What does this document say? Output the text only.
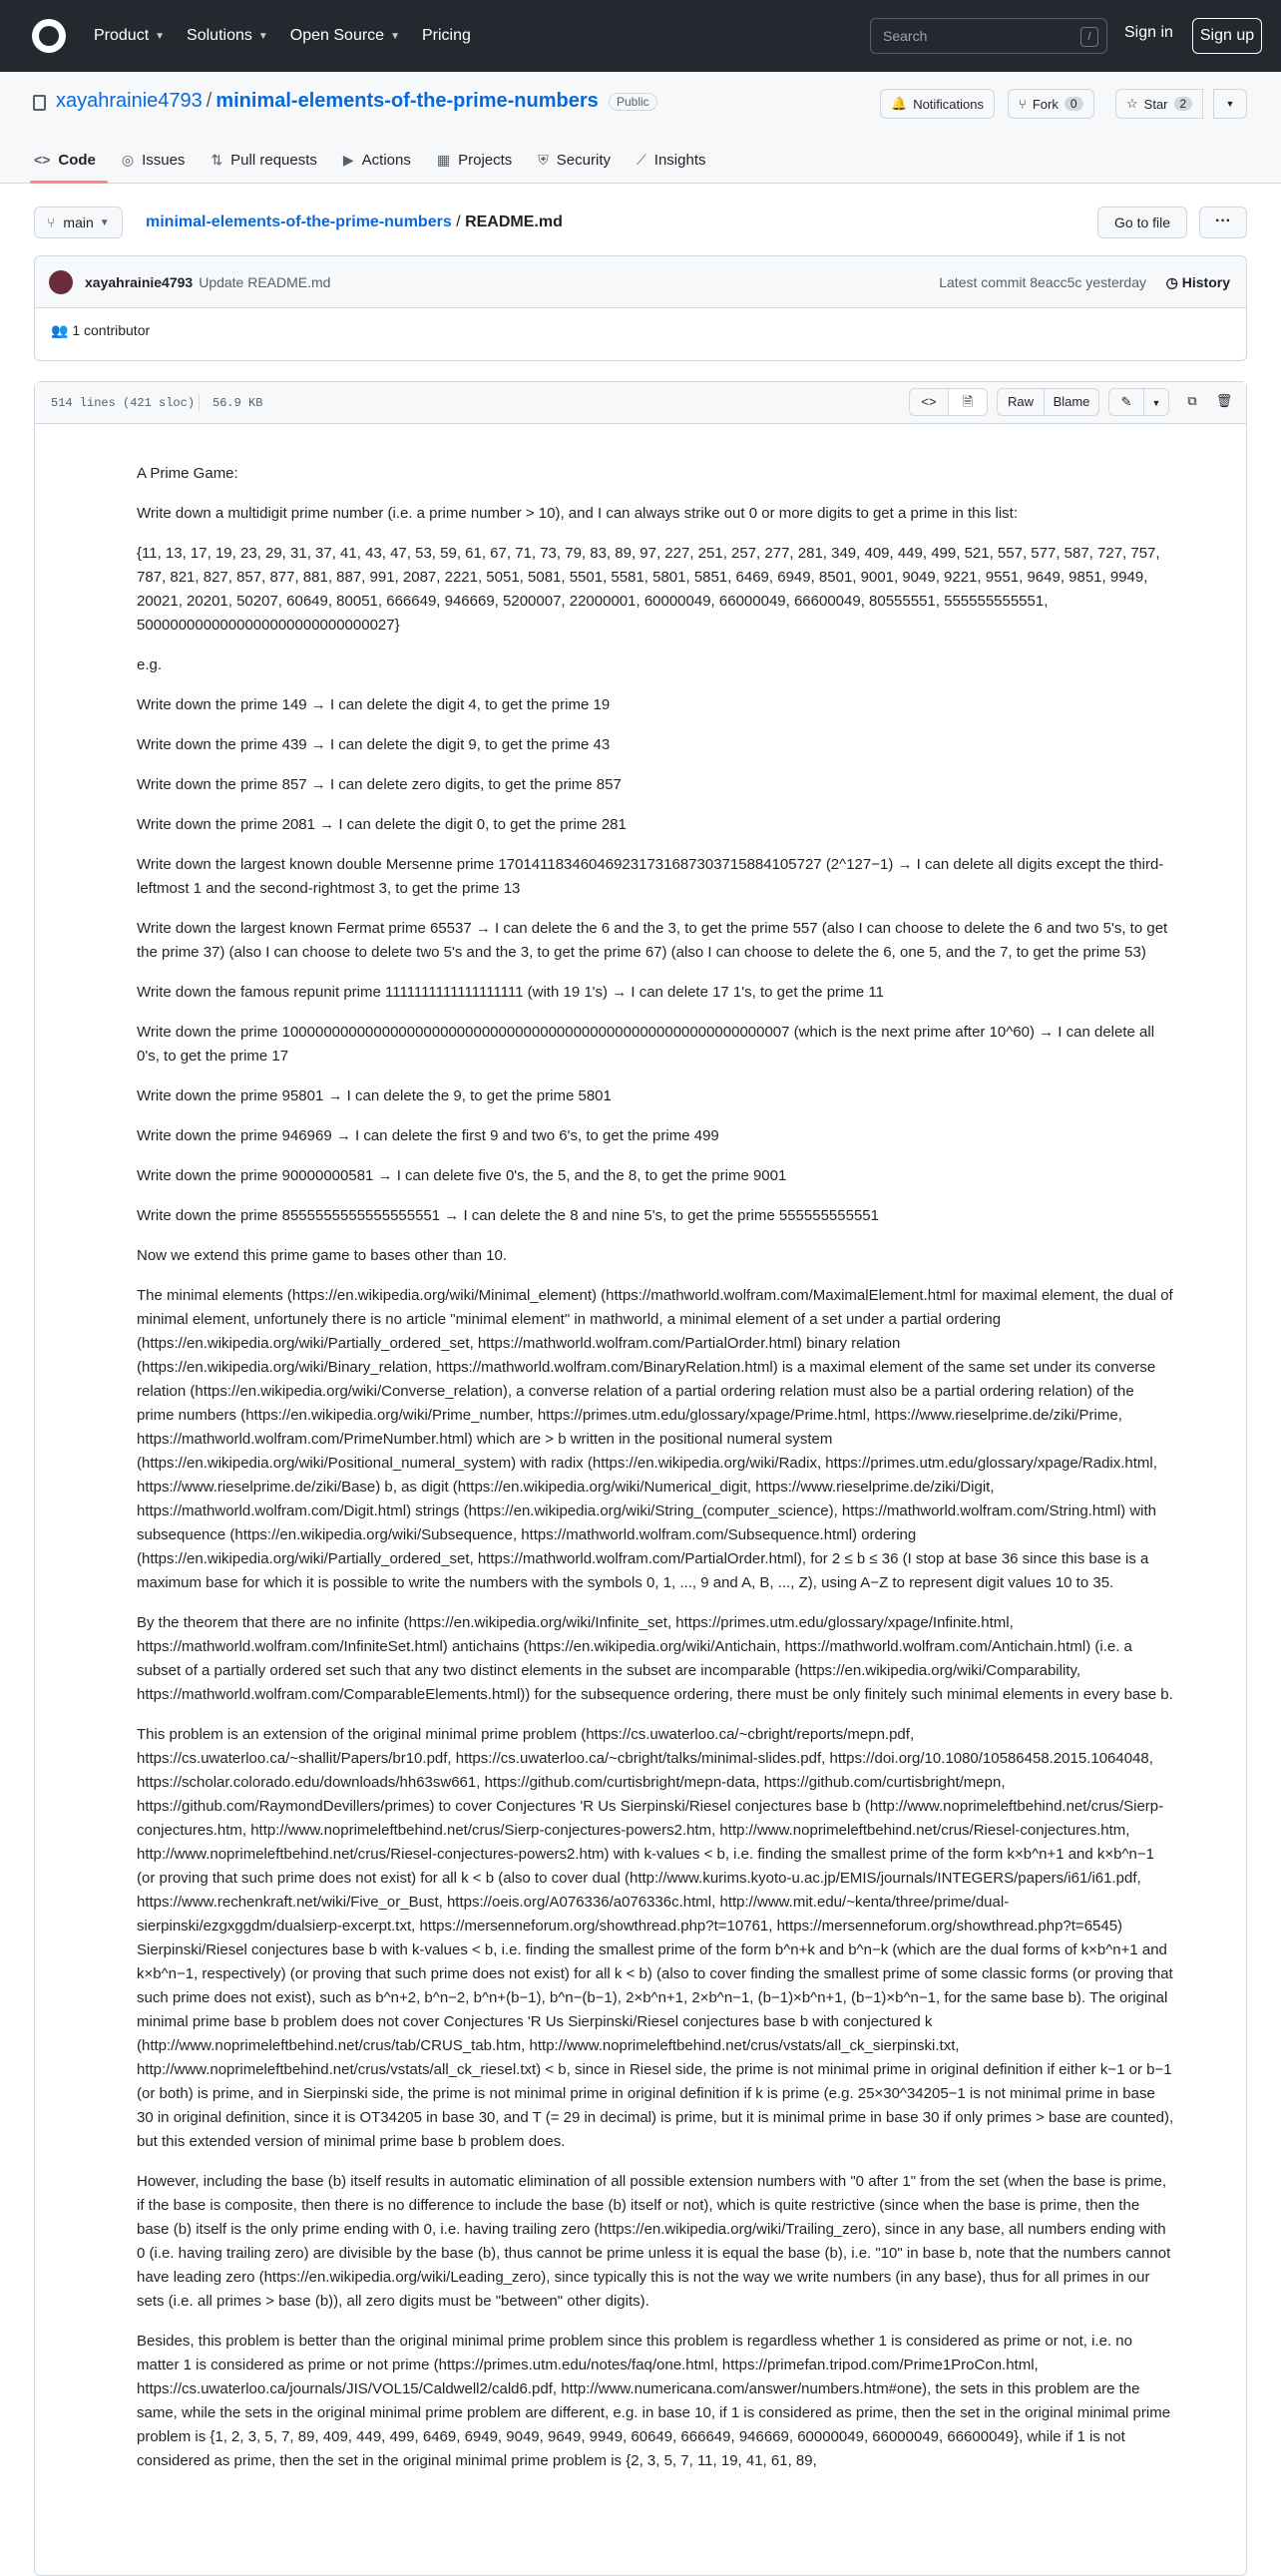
Product ▼ Solutions ▼ Open Source ▼ Pricing	Search	/	Sign in	Sign up
xayahrainie4793 / minimal-elements-of-the-prime-numbers	Public	🔔 Notifications	⑂ Fork	0	☆ Star	2	▼
<> Code ◎ Issues ⇅ Pull requests ▶ Actions ▦ Projects ⛨ Security ⟋ Insights
⑂ main ▼ minimal-elements-of-the-prime-numbers / README.md	Go to file	···
xayahrainie4793 Update README.md	Latest commit 8eacc5c yesterday ◷ History
👥 1 contributor
514 lines (421 sloc) 56.9 KB	<>	🗎	Raw	Blame	✎	▼	⧉	🗑

A Prime Game:

Write down a multidigit prime number (i.e. a prime number > 10), and I can always strike out 0 or more digits to get a prime in this list:

{11, 13, 17, 19, 23, 29, 31, 37, 41, 43, 47, 53, 59, 61, 67, 71, 73, 79, 83, 89, 97, 227, 251, 257, 277, 281, 349, 409, 449, 499, 521, 557, 577, 587, 727, 757, 787, 821, 827, 857, 877, 881, 887, 991, 2087, 2221, 5051, 5081, 5501, 5581, 5801, 5851, 6469, 6949, 8501, 9001, 9049, 9221, 9551, 9649, 9851, 9949, 20021, 20201, 50207, 60649, 80051, 666649, 946669, 5200007, 22000001, 60000049, 66000049, 66600049, 80555551, 555555555551, 5000000000000000000000000000027}

e.g.

Write down the prime 149 → I can delete the digit 4, to get the prime 19

Write down the prime 439 → I can delete the digit 9, to get the prime 43

Write down the prime 857 → I can delete zero digits, to get the prime 857

Write down the prime 2081 → I can delete the digit 0, to get the prime 281

Write down the largest known double Mersenne prime 170141183460469231731687303715884105727 (2^127−1) → I can delete all digits except the third-leftmost 1 and the second-rightmost 3, to get the prime 13

Write down the largest known Fermat prime 65537 → I can delete the 6 and the 3, to get the prime 557 (also I can choose to delete the 6 and two 5's, to get the prime 37) (also I can choose to delete two 5's and the 3, to get the prime 67) (also I can choose to delete the 6, one 5, and the 7, to get the prime 53)

Write down the famous repunit prime 1111111111111111111 (with 19 1's) → I can delete 17 1's, to get the prime 11

Write down the prime 1000000000000000000000000000000000000000000000000000000000007 (which is the next prime after 10^60) → I can delete all 0's, to get the prime 17

Write down the prime 95801 → I can delete the 9, to get the prime 5801

Write down the prime 946969 → I can delete the first 9 and two 6's, to get the prime 499

Write down the prime 90000000581 → I can delete five 0's, the 5, and the 8, to get the prime 9001

Write down the prime 8555555555555555551 → I can delete the 8 and nine 5's, to get the prime 555555555551

Now we extend this prime game to bases other than 10.

The minimal elements (https://en.wikipedia.org/wiki/Minimal_element) (https://mathworld.wolfram.com/MaximalElement.html for maximal element, the dual of minimal element, unfortunely there is no article "minimal element" in mathworld, a minimal element of a set under a partial ordering (https://en.wikipedia.org/wiki/Partially_ordered_set, https://mathworld.wolfram.com/PartialOrder.html) binary relation (https://en.wikipedia.org/wiki/Binary_relation, https://mathworld.wolfram.com/BinaryRelation.html) is a maximal element of the same set under its converse relation (https://en.wikipedia.org/wiki/Converse_relation), a converse relation of a partial ordering relation must also be a partial ordering relation) of the prime numbers (https://en.wikipedia.org/wiki/Prime_number, https://primes.utm.edu/glossary/xpage/Prime.html, https://www.rieselprime.de/ziki/Prime, https://mathworld.wolfram.com/PrimeNumber.html) which are > b written in the positional numeral system (https://en.wikipedia.org/wiki/Positional_numeral_system) with radix (https://en.wikipedia.org/wiki/Radix, https://primes.utm.edu/glossary/xpage/Radix.html, https://www.rieselprime.de/ziki/Base) b, as digit (https://en.wikipedia.org/wiki/Numerical_digit, https://www.rieselprime.de/ziki/Digit, https://mathworld.wolfram.com/Digit.html) strings (https://en.wikipedia.org/wiki/String_(computer_science), https://mathworld.wolfram.com/String.html) with subsequence (https://en.wikipedia.org/wiki/Subsequence, https://mathworld.wolfram.com/Subsequence.html) ordering (https://en.wikipedia.org/wiki/Partially_ordered_set, https://mathworld.wolfram.com/PartialOrder.html), for 2 ≤ b ≤ 36 (I stop at base 36 since this base is a maximum base for which it is possible to write the numbers with the symbols 0, 1, ..., 9 and A, B, ..., Z), using A−Z to represent digit values 10 to 35.

By the theorem that there are no infinite (https://en.wikipedia.org/wiki/Infinite_set, https://primes.utm.edu/glossary/xpage/Infinite.html, https://mathworld.wolfram.com/InfiniteSet.html) antichains (https://en.wikipedia.org/wiki/Antichain, https://mathworld.wolfram.com/Antichain.html) (i.e. a subset of a partially ordered set such that any two distinct elements in the subset are incomparable (https://en.wikipedia.org/wiki/Comparability, https://mathworld.wolfram.com/ComparableElements.html)) for the subsequence ordering, there must be only finitely such minimal elements in every base b.

This problem is an extension of the original minimal prime problem (https://cs.uwaterloo.ca/~cbright/reports/mepn.pdf, https://cs.uwaterloo.ca/~shallit/Papers/br10.pdf, https://cs.uwaterloo.ca/~cbright/talks/minimal-slides.pdf, https://doi.org/10.1080/10586458.2015.1064048, https://scholar.colorado.edu/downloads/hh63sw661, https://github.com/curtisbright/mepn-data, https://github.com/curtisbright/mepn, https://github.com/RaymondDevillers/primes) to cover Conjectures 'R Us Sierpinski/Riesel conjectures base b (http://www.noprimeleftbehind.net/crus/Sierp-conjectures.htm, http://www.noprimeleftbehind.net/crus/Sierp-conjectures-powers2.htm, http://www.noprimeleftbehind.net/crus/Riesel-conjectures.htm, http://www.noprimeleftbehind.net/crus/Riesel-conjectures-powers2.htm) with k-values < b, i.e. finding the smallest prime of the form k×b^n+1 and k×b^n−1 (or proving that such prime does not exist) for all k < b (also to cover dual (http://www.kurims.kyoto-u.ac.jp/EMIS/journals/INTEGERS/papers/i61/i61.pdf, https://www.rechenkraft.net/wiki/Five_or_Bust, https://oeis.org/A076336/a076336c.html, http://www.mit.edu/~kenta/three/prime/dual-sierpinski/ezgxggdm/dualsierp-excerpt.txt, https://mersenneforum.org/showthread.php?t=10761, https://mersenneforum.org/showthread.php?t=6545) Sierpinski/Riesel conjectures base b with k-values < b, i.e. finding the smallest prime of the form b^n+k and b^n−k (which are the dual forms of k×b^n+1 and k×b^n−1, respectively) (or proving that such prime does not exist) for all k < b) (also to cover finding the smallest prime of some classic forms (or proving that such prime does not exist), such as b^n+2, b^n−2, b^n+(b−1), b^n−(b−1), 2×b^n+1, 2×b^n−1, (b−1)×b^n+1, (b−1)×b^n−1, for the same base b). The original minimal prime base b problem does not cover Conjectures 'R Us Sierpinski/Riesel conjectures base b with conjectured k (http://www.noprimeleftbehind.net/crus/tab/CRUS_tab.htm, http://www.noprimeleftbehind.net/crus/vstats/all_ck_sierpinski.txt, http://www.noprimeleftbehind.net/crus/vstats/all_ck_riesel.txt) < b, since in Riesel side, the prime is not minimal prime in original definition if either k−1 or b−1 (or both) is prime, and in Sierpinski side, the prime is not minimal prime in original definition if k is prime (e.g. 25×30^34205−1 is not minimal prime in base 30 in original definition, since it is OT34205 in base 30, and T (= 29 in decimal) is prime, but it is minimal prime in base 30 if only primes > base are counted), but this extended version of minimal prime base b problem does.

However, including the base (b) itself results in automatic elimination of all possible extension numbers with "0 after 1" from the set (when the base is prime, if the base is composite, then there is no difference to include the base (b) itself or not), which is quite restrictive (since when the base is prime, then the base (b) itself is the only prime ending with 0, i.e. having trailing zero (https://en.wikipedia.org/wiki/Trailing_zero), since in any base, all numbers ending with 0 (i.e. having trailing zero) are divisible by the base (b), thus cannot be prime unless it is equal the base (b), i.e. "10" in base b, note that the numbers cannot have leading zero (https://en.wikipedia.org/wiki/Leading_zero), since typically this is not the way we write numbers (in any base), thus for all primes in our sets (i.e. all primes > base (b)), all zero digits must be "between" other digits).

Besides, this problem is better than the original minimal prime problem since this problem is regardless whether 1 is considered as prime or not, i.e. no matter 1 is considered as prime or not prime (https://primes.utm.edu/notes/faq/one.html, https://primefan.tripod.com/Prime1ProCon.html, https://cs.uwaterloo.ca/journals/JIS/VOL15/Caldwell2/cald6.pdf, http://www.numericana.com/answer/numbers.htm#one), the sets in this problem are the same, while the sets in the original minimal prime problem are different, e.g. in base 10, if 1 is considered as prime, then the set in the original minimal prime problem is {1, 2, 3, 5, 7, 89, 409, 449, 499, 6469, 6949, 9049, 9649, 9949, 60649, 666649, 946669, 60000049, 66000049, 66600049}, while if 1 is not considered as prime, then the set in the original minimal prime problem is {2, 3, 5, 7, 11, 19, 41, 61, 89,
